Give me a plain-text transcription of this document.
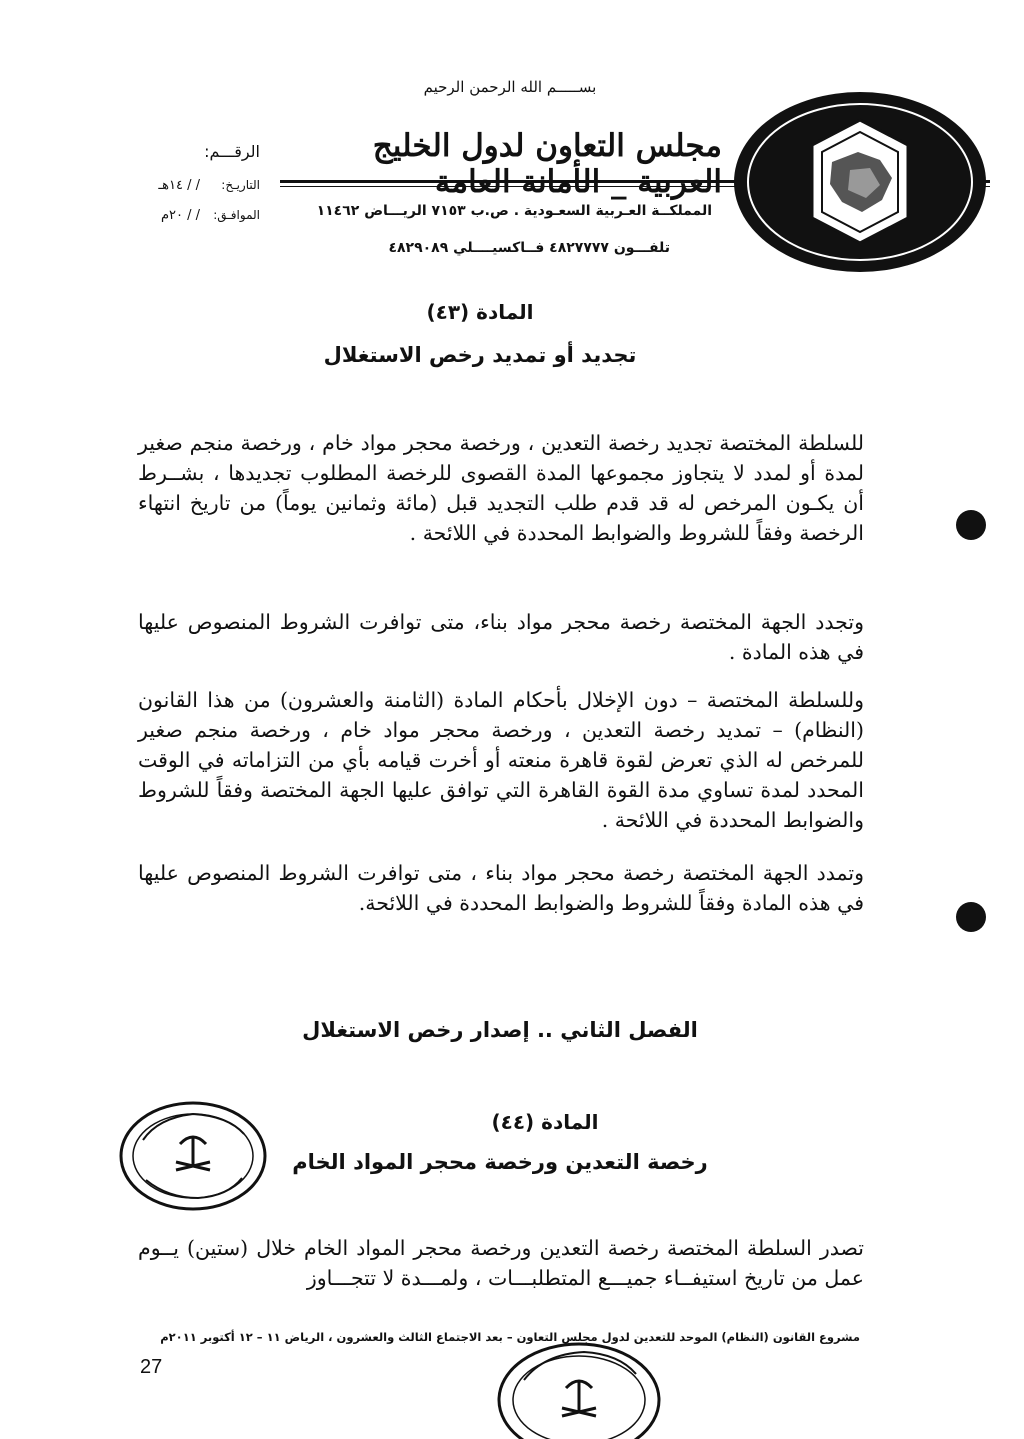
بســـــم الله الرحمن الرحيم
الرقـــم:
التاريـخ:
الموافـق:
/ / ١٤هـ
/ / ٢٠م
مجلس التعاون لدول الخليج
المملكــة العـربية السعـودية . ص.ب ٧١٥٣ الريـــاض ١١٤٦٢
تلفـــون ٤٨٢٧٧٧٧ فــاكسيــــلي ٤٨٢٩٠٨٩
المادة (٤٣)
تجديد أو تمديد رخص الاستغلال
للسلطة المختصة تجديد رخصة التعدين ، ورخصة محجر مواد خام ، ورخصة منجم صغير لمدة أو لمدد لا يتجاوز مجموعها المدة القصوى للرخصة المطلوب تجديدها ، بشــرط أن يكـون المرخص له قد قدم طلب التجديد قبل (مائة وثمانين يوماً) من تاريخ انتهاء الرخصة وفقاً للشروط والضوابط المحددة في اللائحة .
وتجدد الجهة المختصة رخصة محجر مواد بناء، متى توافرت الشروط المنصوص عليها في هذه المادة .
وللسلطة المختصة – دون الإخلال بأحكام المادة (الثامنة والعشرون) من هذا القانون (النظام) – تمديد رخصة التعدين ، ورخصة محجر مواد خام ، ورخصة منجم صغير للمرخص له الذي تعرض لقوة قاهرة منعته أو أخرت قيامه بأي من التزاماته في الوقت المحدد لمدة تساوي مدة القوة القاهرة التي توافق عليها الجهة المختصة وفقاً للشروط والضوابط المحددة في اللائحة .
وتمدد الجهة المختصة رخصة محجر مواد بناء ، متى توافرت الشروط المنصوص عليها في هذه المادة وفقاً للشروط والضوابط المحددة في اللائحة.
الفصل الثاني .. إصدار رخص الاستغلال
المادة (٤٤)
رخصة التعدين ورخصة محجر المواد الخام
تصدر السلطة المختصة رخصة التعدين ورخصة محجر المواد الخام خلال (ستين) يــوم عمل من تاريخ استيفــاء جميـــع المتطلبـــات ، ولمـــدة لا تتجـــاوز
مشروع القانون (النظام) الموحد للتعدين لدول مجلس التعاون – بعد الاجتماع الثالث والعشرون ، الرياض ١١ – ١٢ أكتوبر ٢٠١١م
27
